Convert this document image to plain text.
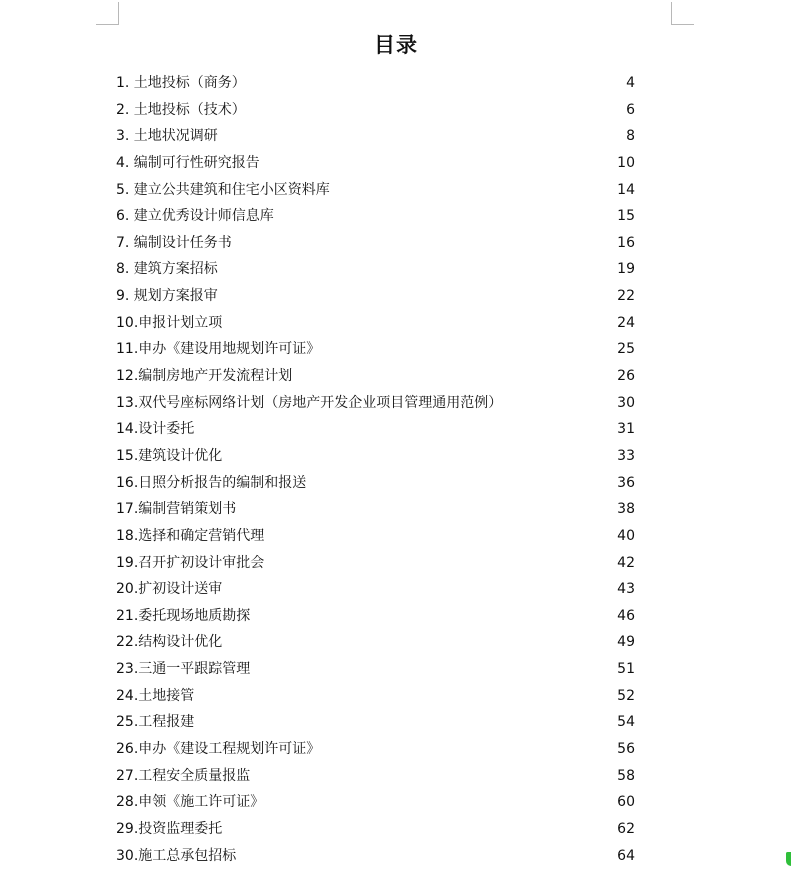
目录
1. 土地投标（商务）	4
2. 土地投标（技术）	6
3. 土地状况调研	8
4. 编制可行性研究报告	10
5. 建立公共建筑和住宅小区资料库	14
6. 建立优秀设计师信息库	15
7. 编制设计任务书	16
8. 建筑方案招标	19
9. 规划方案报审	22
10.申报计划立项	24
11.申办《建设用地规划许可证》	25
12.编制房地产开发流程计划	26
13.双代号座标网络计划（房地产开发企业项目管理通用范例）	30
14.设计委托	31
15.建筑设计优化	33
16.日照分析报告的编制和报送	36
17.编制营销策划书	38
18.选择和确定营销代理	40
19.召开扩初设计审批会	42
20.扩初设计送审	43
21.委托现场地质勘探	46
22.结构设计优化	49
23.三通一平跟踪管理	51
24.土地接管	52
25.工程报建	54
26.申办《建设工程规划许可证》	56
27.工程安全质量报监	58
28.申领《施工许可证》	60
29.投资监理委托	62
30.施工总承包招标	64
